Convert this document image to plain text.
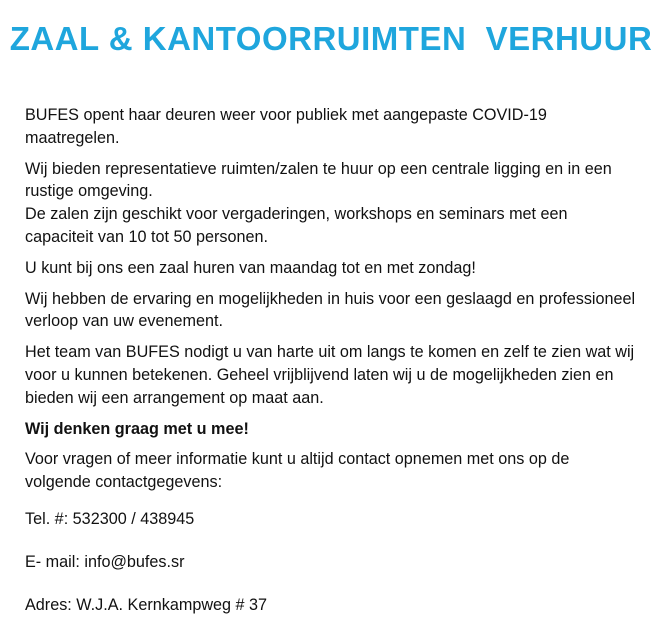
ZAAL & KANTOORRUIMTEN  VERHUUR

BUFES opent haar deuren weer voor publiek met aangepaste COVID-19 maatregelen.

Wij bieden representatieve ruimten/zalen te huur op een centrale ligging en in een rustige omgeving.
De zalen zijn geschikt voor vergaderingen, workshops en seminars met een capaciteit van 10 tot 50 personen.

U kunt bij ons een zaal huren van maandag tot en met zondag!

Wij hebben de ervaring en mogelijkheden in huis voor een geslaagd en professioneel verloop van uw evenement.

Het team van BUFES nodigt u van harte uit om langs te komen en zelf te zien wat wij voor u kunnen betekenen. Geheel vrijblijvend laten wij u de mogelijkheden zien en bieden wij een arrangement op maat aan.

Wij denken graag met u mee!

Voor vragen of meer informatie kunt u altijd contact opnemen met ons op de volgende contactgegevens:

Tel. #: 532300 / 438945

E- mail: info@bufes.sr

Adres: W.J.A. Kernkampweg # 37
